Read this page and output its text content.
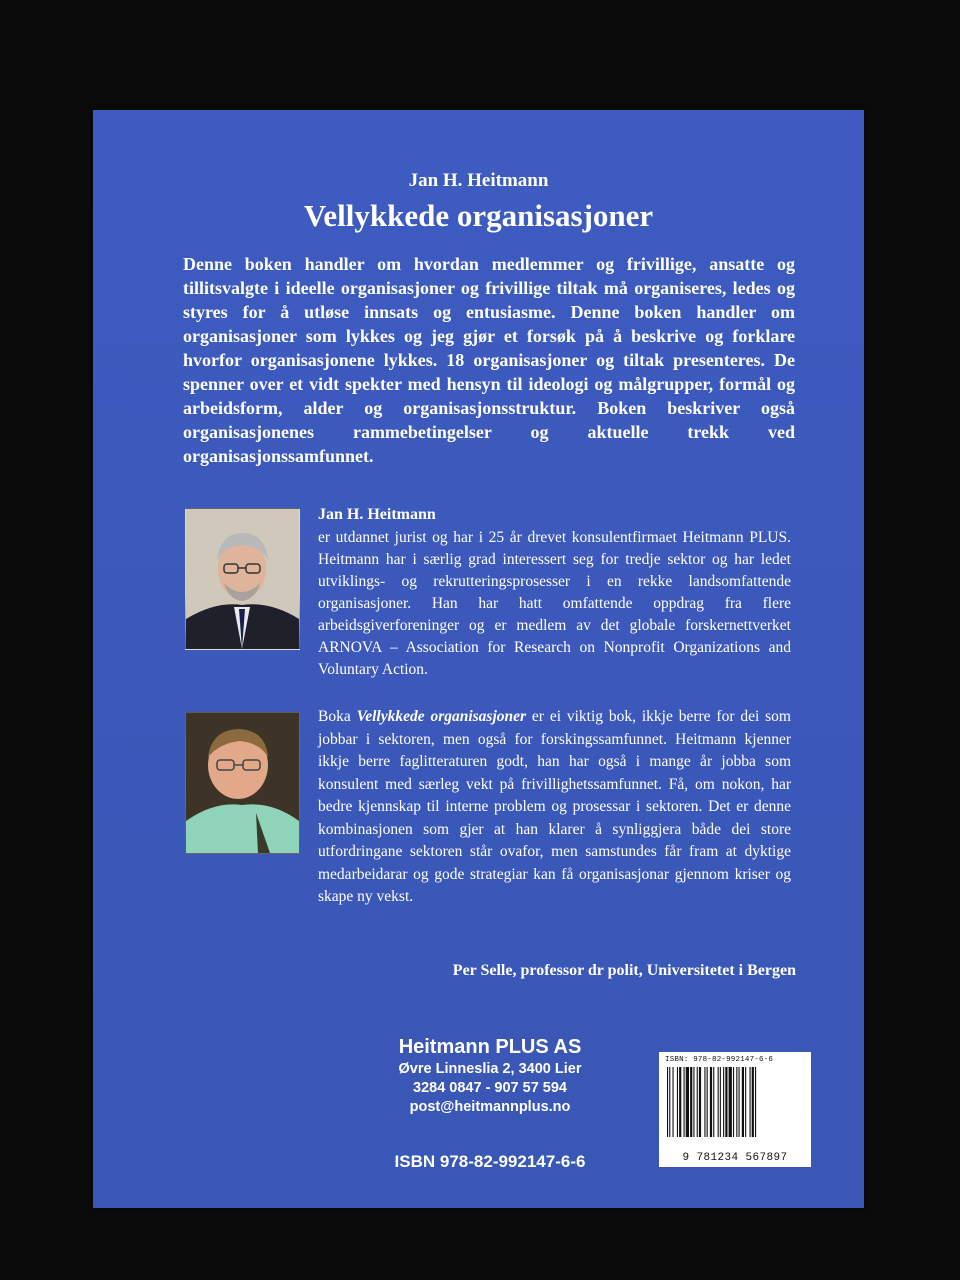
Jan H. Heitmann
Vellykkede organisasjoner

Denne boken handler om hvordan medlemmer og frivillige, ansatte og tillitsvalgte i ideelle organisasjoner og frivillige tiltak må organiseres, ledes og styres for å utløse innsats og entusiasme. Denne boken handler om organisasjoner som lykkes og jeg gjør et forsøk på å beskrive og forklare hvorfor organisasjonene lykkes. 18 organisasjoner og tiltak presenteres. De spenner over et vidt spekter med hensyn til ideologi og målgrupper, formål og arbeidsform, alder og organisasjonsstruktur. Boken beskriver også organisasjonenes rammebetingelser og aktuelle trekk ved organisasjonssamfunnet.

Jan H. Heitmann

er utdannet jurist og har i 25 år drevet konsulentfirmaet Heitmann PLUS. Heitmann har i særlig grad interessert seg for tredje sektor og har ledet utviklings- og rekrutteringsprosesser i en rekke landsomfattende organisasjoner. Han har hatt omfattende oppdrag fra flere arbeidsgiverforeninger og er medlem av det globale forskernettverket ARNOVA – Association for Research on Nonprofit Organizations and Voluntary Action.

Boka Vellykkede organisasjoner er ei viktig bok, ikkje berre for dei som jobbar i sektoren, men også for forskingssamfunnet. Heitmann kjenner ikkje berre faglitteraturen godt, han har også i mange år jobba som konsulent med særleg vekt på frivillighetssamfunnet. Få, om nokon, har bedre kjennskap til interne problem og prosessar i sektoren. Det er denne kombinasjonen som gjer at han klarer å synliggjera både dei store utfordringane sektoren står ovafor, men samstundes får fram at dyktige medarbeidarar og gode strategiar kan få organisasjonar gjennom kriser og skape ny vekst.

Per Selle, professor dr polit, Universitetet i Bergen
Heitmann PLUS AS
Øvre Linneslia 2, 3400 Lier
3284 0847 - 907 57 594
post@heitmannplus.no
ISBN 978-82-992147-6-6
ISBN: 978-82-992147-6-6
9 781234 567897
